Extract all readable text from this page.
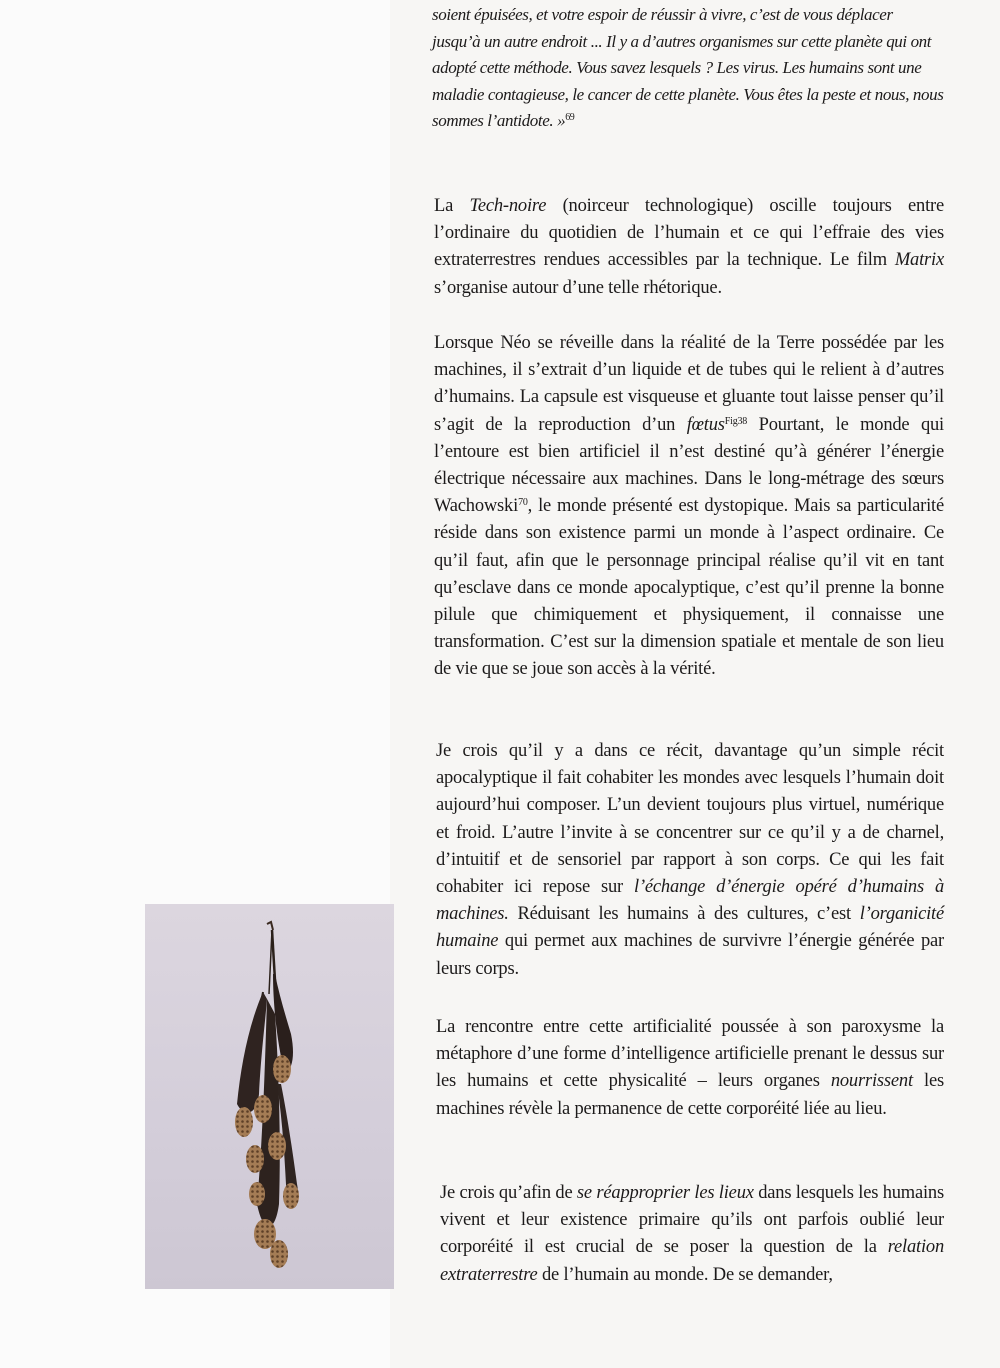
soient épuisées, et votre espoir de réussir à vivre, c’est de vous déplacer jusqu’à un autre endroit ... Il y a d’autres organismes sur cette planète qui ont adopté cette méthode. Vous savez lesquels ? Les virus. Les humains sont une maladie contagieuse, le cancer de cette planète. Vous êtes la peste et nous, nous sommes l’antidote. »$^{69}$

La Tech-noire (noirceur technologique) oscille toujours entre l’ordinaire du quotidien de l’humain et ce qui l’effraie des vies extraterrestres rendues accessibles par la technique. Le film Matrix s’organise autour d’une telle rhétorique.

Lorsque Néo se réveille dans la réalité de la Terre possédée par les machines, il s’extrait d’un liquide et de tubes qui le relient à d’autres d’humains. La capsule est visqueuse et gluante tout laisse penser qu’il s’agit de la reproduction d’un fœtus$^{Fig38}$ Pourtant, le monde qui l’entoure est bien artificiel il n’est destiné qu’à générer l’énergie électrique nécessaire aux machines. Dans le long-métrage des sœurs Wachowski$^{70}$, le monde présenté est dystopique. Mais sa particularité réside dans son existence parmi un monde à l’aspect ordinaire. Ce qu’il faut, afin que le personnage principal réalise qu’il vit en tant qu’esclave dans ce monde apocalyptique, c’est qu’il prenne la bonne pilule que chimiquement et physiquement, il connaisse une transformation. C’est sur la dimension spatiale et mentale de son lieu de vie que se joue son accès à la vérité.

Je crois qu’il y a dans ce récit, davantage qu’un simple récit apocalyptique il fait cohabiter les mondes avec lesquels l’humain doit aujourd’hui composer. L’un devient toujours plus virtuel, numérique et froid. L’autre l’invite à se concentrer sur ce qu’il y a de charnel, d’intuitif et de sensoriel par rapport à son corps. Ce qui les fait cohabiter ici repose sur l’échange d’énergie opéré d’humains à machines. Réduisant les humains à des cultures, c’est l’organicité humaine qui permet aux machines de survivre l’énergie générée par leurs corps.

La rencontre entre cette artificialité poussée à son paroxysme la métaphore d’une forme d’intelligence artificielle prenant le dessus sur les humains et cette physicalité – leurs organes nourrissent les machines révèle la permanence de cette corporéité liée au lieu.

Je crois qu’afin de se réapproprier les lieux dans lesquels les humains vivent et leur existence primaire qu’ils ont parfois oublié leur corporéité il est crucial de se poser la question de la relation extraterrestre de l’humain au monde. De se demander,
